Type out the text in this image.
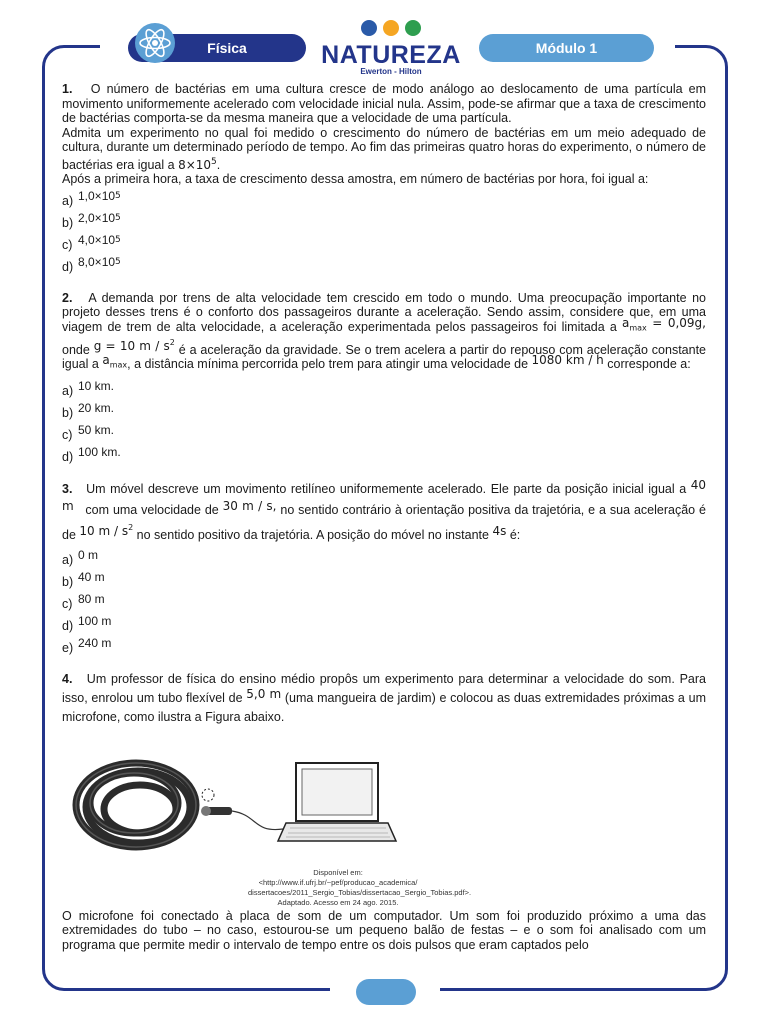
Física	NATUREZA
Ewerton - Hilton
Módulo 1

1. O número de bactérias em uma cultura cresce de modo análogo ao deslocamento de uma partícula em movimento uniformemente acelerado com velocidade inicial nula. Assim, pode-se afirmar que a taxa de crescimento de bactérias comporta-se da mesma maneira que a velocidade de uma partícula.

Admita um experimento no qual foi medido o crescimento do número de bactérias em um meio adequado de cultura, durante um determinado período de tempo. Ao fim das primeiras quatro horas do experimento, o número de bactérias era igual a $8\times 10^5$.

Após a primeira hora, a taxa de crescimento dessa amostra, em número de bactérias por hora, foi igual a:

a) $1,0\times 10^5$
b) $2,0\times 10^5$
c) $4,0\times 10^5$
d) $8,0\times 10^5$

2. A demanda por trens de alta velocidade tem crescido em todo o mundo. Uma preocupação importante no projeto desses trens é o conforto dos passageiros durante a aceleração. Sendo assim, considere que, em uma viagem de trem de alta velocidade, a aceleração experimentada pelos passageiros foi limitada a $a_{max} = 0,09g$, onde g = 10 m / $s^2$ é a aceleração da gravidade. Se o trem acelera a partir do repouso com aceleração constante igual a $a_{max}$, a distância mínima percorrida pelo trem para atingir uma velocidade de 1080 km / h corresponde a:

a) 10 km.
b) 20 km.
c) 50 km.
d) 100 km.

3. Um móvel descreve um movimento retilíneo uniformemente acelerado. Ele parte da posição inicial igual a 40 m com uma velocidade de 30 m / s, no sentido contrário à orientação positiva da trajetória, e a sua aceleração é de 10 m / $s^2$ no sentido positivo da trajetória. A posição do móvel no instante 4s é:

a) 0 m
b) 40 m
c) 80 m
d) 100 m
e) 240 m

4. Um professor de física do ensino médio propôs um experimento para determinar a velocidade do som. Para isso, enrolou um tubo flexível de 5,0 m (uma mangueira de jardim) e colocou as duas extremidades próximas a um microfone, como ilustra a Figura abaixo.

Disponível em: <http://www.if.ufrj.br/~pef/producao_academica/
dissertacoes/2011_Sergio_Tobias/dissertacao_Sergio_Tobias.pdf>.
Adaptado. Acesso em 24 ago. 2015.

O microfone foi conectado à placa de som de um computador. Um som foi produzido próximo a uma das extremidades do tubo – no caso, estourou-se um pequeno balão de festas – e o som foi analisado com um programa que permite medir o intervalo de tempo entre os dois pulsos que eram captados pelo
